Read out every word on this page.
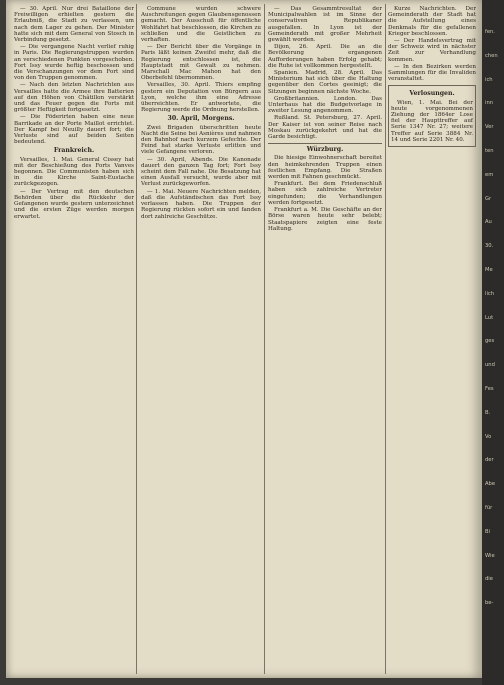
— 30. April. Nur drei Bataillone der Freiwilligen erhielten gestern die Erlaubniß, die Stadt zu verlassen, um nach dem Lager zu gehen. Der Minister hatte sich mit dem General von Stosch in Verbindung gesetzt.

— Die vergangene Nacht verlief ruhig in Paris. Die Regierungstruppen wurden an verschiedenen Punkten vorgeschoben. Fort Issy wurde heftig beschossen und die Verschanzungen vor dem Fort sind von den Truppen genommen.

— Nach den letzten Nachrichten aus Versailles hatte die Armee ihre Batterien auf den Höhen von Châtillon verstärkt und das Feuer gegen die Forts mit größter Heftigkeit fortgesetzt.

— Die Föderirten haben eine neue Barrikade an der Porte Maillot errichtet. Der Kampf bei Neuilly dauert fort; die Verluste sind auf beiden Seiten bedeutend.

Frankreich.

Versailles, 1. Mai. General Cissey hat mit der Beschießung des Forts Vanves begonnen. Die Communisten haben sich in die Kirche Saint-Eustache zurückgezogen.

— Der Vertrag mit den deutschen Behörden über die Rückkehr der Gefangenen wurde gestern unterzeichnet und die ersten Züge werden morgen erwartet.

Commune wurden schwere Auschreitungen gegen Glaubensgenossen gemacht. Der Ausschuß für öffentliche Wohlfahrt hat beschlossen, die Kirchen zu schließen und die Geistlichen zu verhaften.

— Der Bericht über die Vorgänge in Paris läßt keinen Zweifel mehr, daß die Regierung entschlossen ist, die Hauptstadt mit Gewalt zu nehmen. Marschall Mac Mahon hat den Oberbefehl übernommen.

Versailles, 30. April. Thiers empfing gestern ein Deputation von Bürgern aus Lyon, welche ihm eine Adresse überreichten. Er antwortete, die Regierung werde die Ordnung herstellen.

30. April, Morgens.

Zwei Brigaden überschritten heute Nacht die Seine bei Asnières und nahmen den Bahnhof nach kurzem Gefechte. Der Feind hat starke Verluste erlitten und viele Gefangene verloren.

— 30. April, Abends. Die Kanonade dauert den ganzen Tag fort; Fort Issy scheint dem Fall nahe. Die Besatzung hat einen Ausfall versucht, wurde aber mit Verlust zurückgeworfen.

— 1. Mai. Neuere Nachrichten melden, daß die Aufständischen das Fort Issy verlassen haben. Die Truppen der Regierung rückten sofort ein und fanden dort zahlreiche Geschütze.

— Das Gesammtresultat der Municipalwahlen ist im Sinne der conservativen Republikaner ausgefallen. In Lyon ist der Gemeinderath mit großer Mehrheit gewählt worden.

Dijon, 26. April. Die an die Bevölkerung ergangenen Aufforderungen haben Erfolg gehabt; die Ruhe ist vollkommen hergestellt.

Spanien. Madrid, 28. April. Das Ministerium hat sich über die Haltung gegenüber den Cortes geeinigt; die Sitzungen beginnen nächste Woche.

Großbritannien. London. Das Unterhaus hat die Budgetvorlage in zweiter Lesung angenommen.

Rußland. St. Petersburg, 27. April. Der Kaiser ist von seiner Reise nach Moskau zurückgekehrt und hat die Garde besichtigt.

Würzburg.

Die hiesige Einwohnerschaft bereitet den heimkehrenden Truppen einen festlichen Empfang. Die Straßen werden mit Fahnen geschmückt.

Frankfurt. Bei dem Friedenschluß haben sich zahlreiche Vertreter eingefunden; die Verhandlungen werden fortgesetzt.

Frankfurt a. M. Die Geschäfte an der Börse waren heute sehr belebt; Staatspapiere zeigten eine feste Haltung.

Kurze Nachrichten. Der Gemeinderath der Stadt hat die Aufstellung eines Denkmals für die gefallenen Krieger beschlossen.

— Der Handelsvertrag mit der Schweiz wird in nächster Zeit zur Verhandlung kommen.

— In den Bezirken werden Sammlungen für die Invaliden veranstaltet.

Verlosungen.

Wien, 1. Mai. Bei der heute vorgenommenen Ziehung der 1864er Lose fiel der Haupttreffer auf Serie 1347 Nr. 27; weitere Treffer auf Serie 3884 Nr. 14 und Serie 2201 Nr. 40.

fen.
chen
ich
inn
Ver
ten
em
Gr
Au
30.
Me
lich
Lut
ges
und
Fes
B.
Vo
der
Abe
für
Bi
Wie
die
be-
